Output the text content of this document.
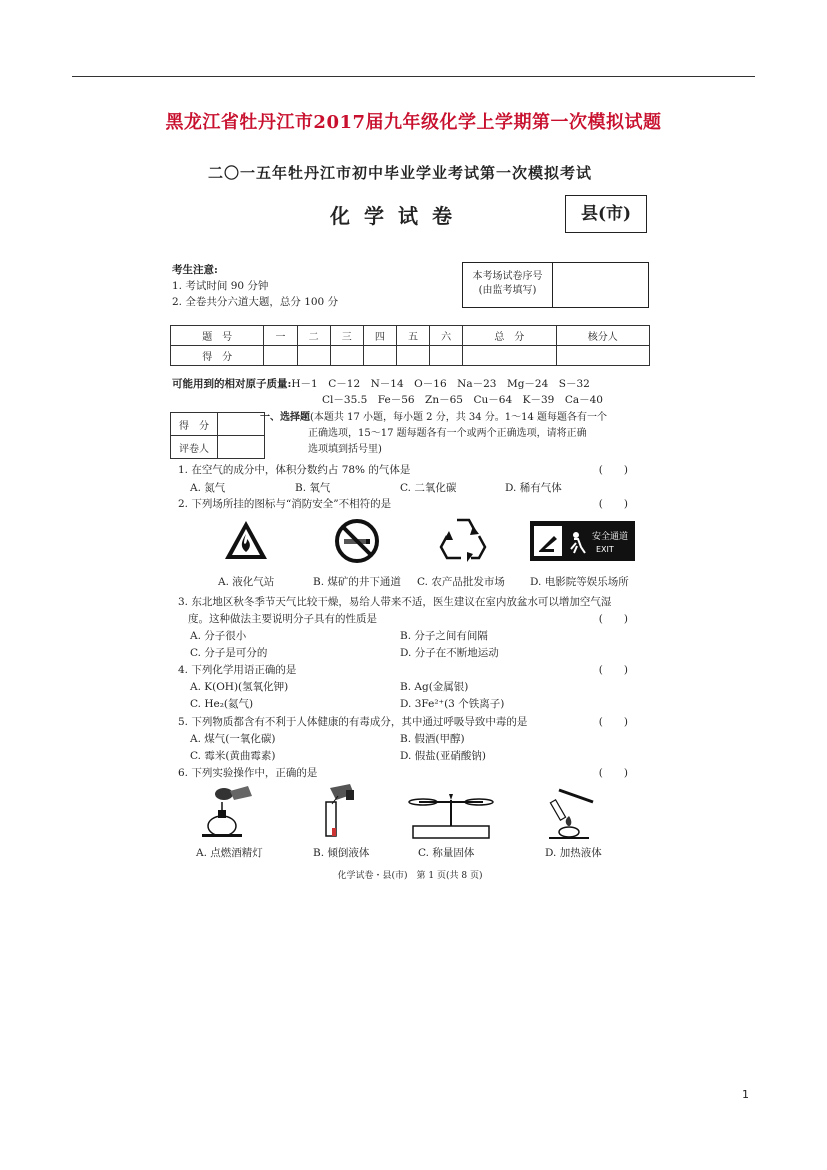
黑龙江省牡丹江市2017届九年级化学上学期第一次模拟试题
二〇一五年牡丹江市初中毕业学业考试第一次模拟考试
化学试卷	县(市)
考生注意:
1. 考试时间 90 分钟
2. 全卷共分六道大题，总分 100 分
本考场试卷序号
(由监考填写)
题　号	一	二	三	四	五	六	总　分	核分人
得　分								
可能用到的相对原子质量:H－1　C－12　N－14　O－16　Na－23　Mg－24　S－32
Cl－35.5　Fe－56　Zn－65　Cu－64　K－39　Ca－40
得　分	
评卷人	
一、选择题(本题共 17 小题，每小题 2 分，共 34 分。1～14 题每题各有一个
正确选项，15～17 题每题各有一个或两个正确选项，请将正确
选项填到括号里)
1. 在空气的成分中，体积分数约占 78% 的气体是	(　　)
A. 氮气	B. 氧气	C. 二氧化碳	D. 稀有气体
2. 下列场所挂的图标与“消防安全”不相符的是	(　　)
安全通道
EXIT
A. 液化气站	B. 煤矿的井下通道 C. 农产品批发市场 D. 电影院等娱乐场所
3. 东北地区秋冬季节天气比较干燥，易给人带来不适，医生建议在室内放盆水可以增加空气湿
度。这种做法主要说明分子具有的性质是	(　　)
A. 分子很小	B. 分子之间有间隔
C. 分子是可分的	D. 分子在不断地运动
4. 下列化学用语正确的是	(　　)
A. K(OH)(氢氧化钾)	B. Ag(金属银)
C. He₂(氦气)	D. 3Fe²⁺(3 个铁离子)
5. 下列物质都含有不利于人体健康的有毒成分，其中通过呼吸导致中毒的是	(　　)
A. 煤气(一氧化碳)	B. 假酒(甲醇)
C. 霉米(黄曲霉素)	D. 假盐(亚硝酸钠)
6. 下列实验操作中，正确的是	(　　)
A. 点燃酒精灯	B. 倾倒液体	C. 称量固体	D. 加热液体
化学试卷・县(市)　第 1 页(共 8 页)
1
